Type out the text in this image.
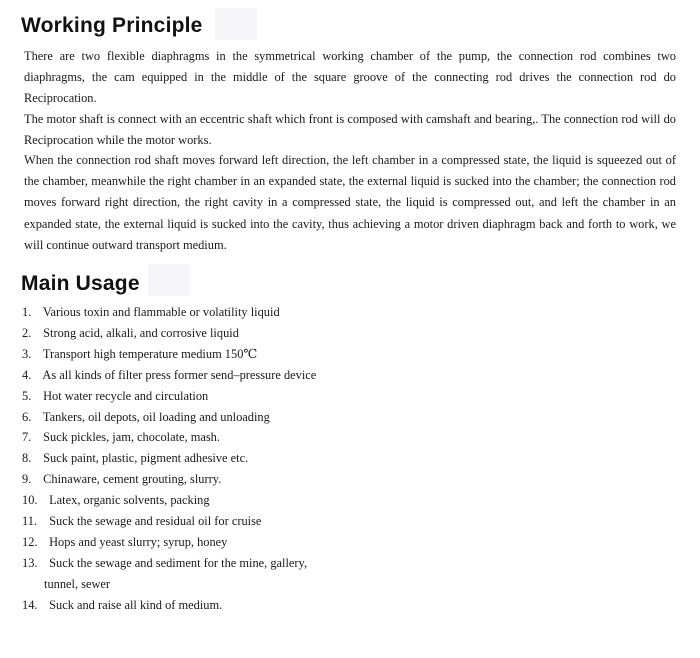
Working Principle

There are two flexible diaphragms in the symmetrical working chamber of the pump, the connection rod combines two diaphragms, the cam equipped in the middle of the square groove of the connecting rod drives the connection rod do Reciprocation.

The motor shaft is connect with an eccentric shaft which front is composed with camshaft and bearing,. The connection rod will do Reciprocation while the motor works.

When the connection rod shaft moves forward left direction, the left chamber in a compressed state, the liquid is squeezed out of the chamber, meanwhile the right chamber in an expanded state, the external liquid is sucked into the chamber; the connection rod moves forward right direction, the right cavity in a compressed state, the liquid is compressed out, and left the chamber in an expanded state, the external liquid is sucked into the cavity, thus achieving a motor driven diaphragm back and forth to work, we will continue outward transport medium.

Main Usage
1. Various toxin and flammable or volatility liquid
2. Strong acid, alkali, and corrosive liquid
3. Transport high temperature medium 150℃
4. As all kinds of filter press former send–pressure device
5. Hot water recycle and circulation
6. Tankers, oil depots, oil loading and unloading
7. Suck pickles, jam, chocolate, mash.
8. Suck paint, plastic, pigment adhesive etc.
9. Chinaware, cement grouting, slurry.
10. Latex, organic solvents, packing
11. Suck the sewage and residual oil for cruise
12. Hops and yeast slurry; syrup, honey
13. Suck the sewage and sediment for the mine, gallery,
tunnel, sewer
14. Suck and raise all kind of medium.
